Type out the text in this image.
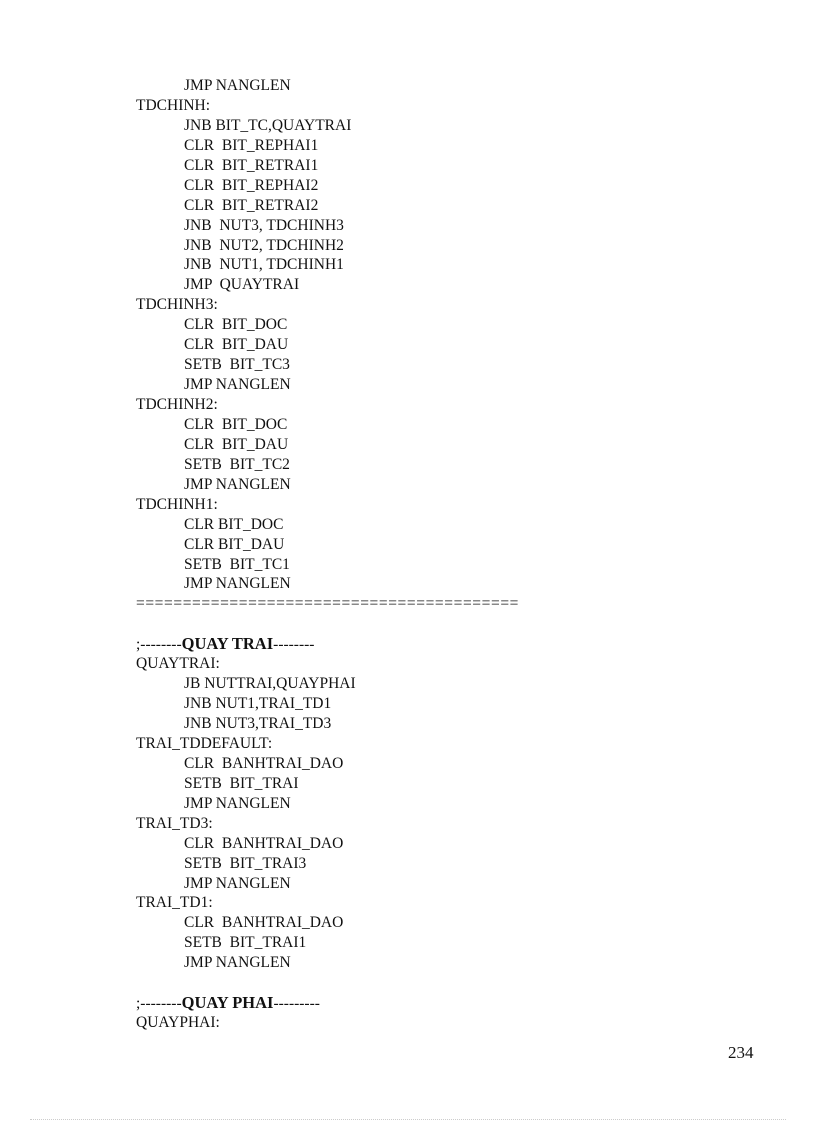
JMP NANGLEN
TDCHINH:
JNB BIT_TC,QUAYTRAI
CLR  BIT_REPHAI1
CLR  BIT_RETRAI1
CLR  BIT_REPHAI2
CLR  BIT_RETRAI2
JNB  NUT3, TDCHINH3
JNB  NUT2, TDCHINH2
JNB  NUT1, TDCHINH1
JMP  QUAYTRAI
TDCHINH3:
CLR  BIT_DOC
CLR  BIT_DAU
SETB  BIT_TC3
JMP NANGLEN
TDCHINH2:
CLR  BIT_DOC
CLR  BIT_DAU
SETB  BIT_TC2
JMP NANGLEN
TDCHINH1:
CLR BIT_DOC
CLR BIT_DAU
SETB  BIT_TC1
JMP NANGLEN
=========================================
;--------QUAY TRAI--------
QUAYTRAI:
JB NUTTRAI,QUAYPHAI
JNB NUT1,TRAI_TD1
JNB NUT3,TRAI_TD3
TRAI_TDDEFAULT:
CLR  BANHTRAI_DAO
SETB  BIT_TRAI
JMP NANGLEN
TRAI_TD3:
CLR  BANHTRAI_DAO
SETB  BIT_TRAI3
JMP NANGLEN
TRAI_TD1:
CLR  BANHTRAI_DAO
SETB  BIT_TRAI1
JMP NANGLEN
;--------QUAY PHAI---------
QUAYPHAI:
234
